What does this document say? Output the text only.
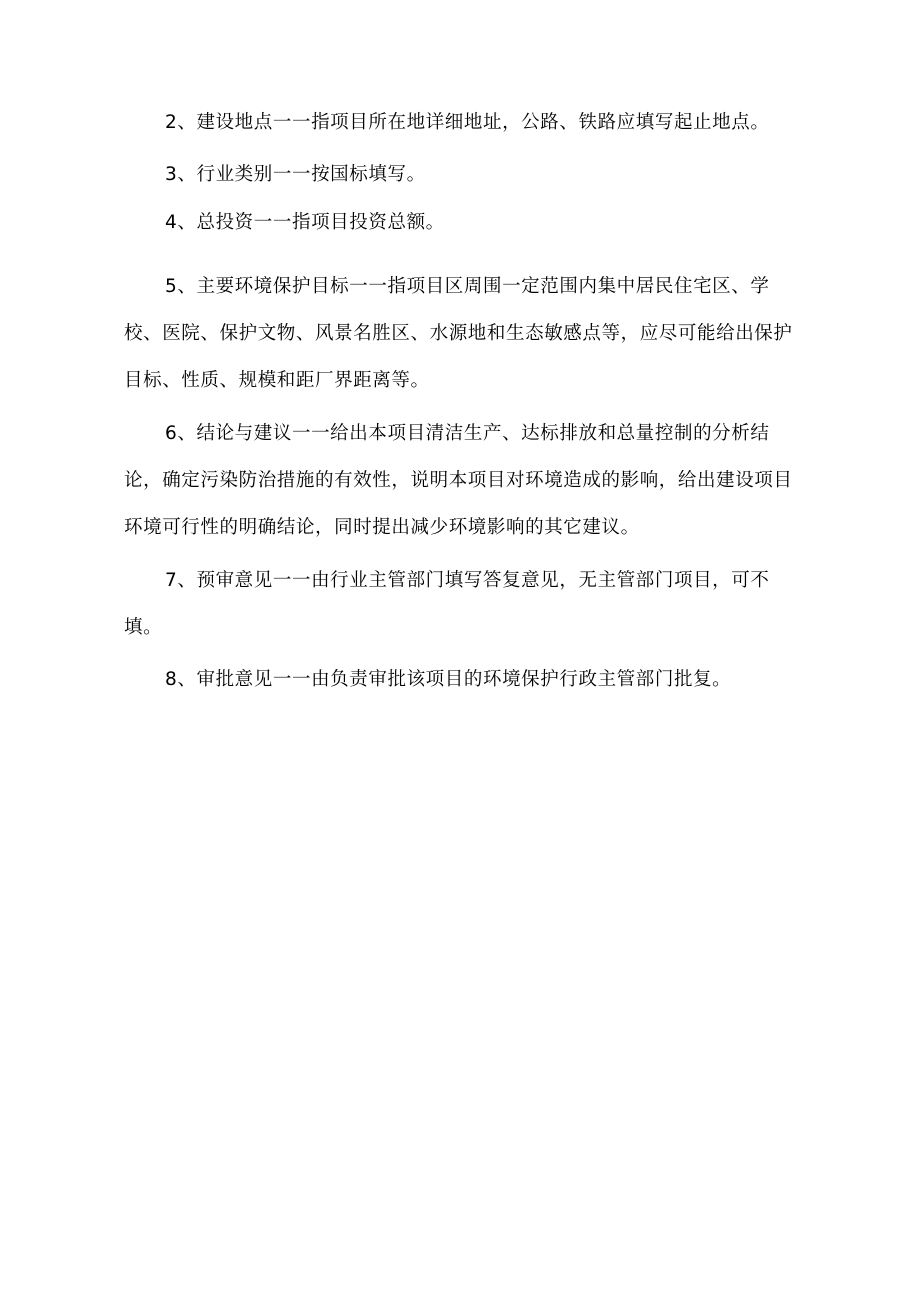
2、建设地点一一指项目所在地详细地址，公路、铁路应填写起止地点。

3、行业类别一一按国标填写。

4、总投资一一指项目投资总额。

5、主要环境保护目标一一指项目区周围一定范围内集中居民住宅区、学校、医院、保护文物、风景名胜区、水源地和生态敏感点等，应尽可能给出保护目标、性质、规模和距厂界距离等。

6、结论与建议一一给出本项目清洁生产、达标排放和总量控制的分析结论，确定污染防治措施的有效性，说明本项目对环境造成的影响，给出建设项目环境可行性的明确结论，同时提出减少环境影响的其它建议。

7、预审意见一一由行业主管部门填写答复意见，无主管部门项目，可不填。

8、审批意见一一由负责审批该项目的环境保护行政主管部门批复。
